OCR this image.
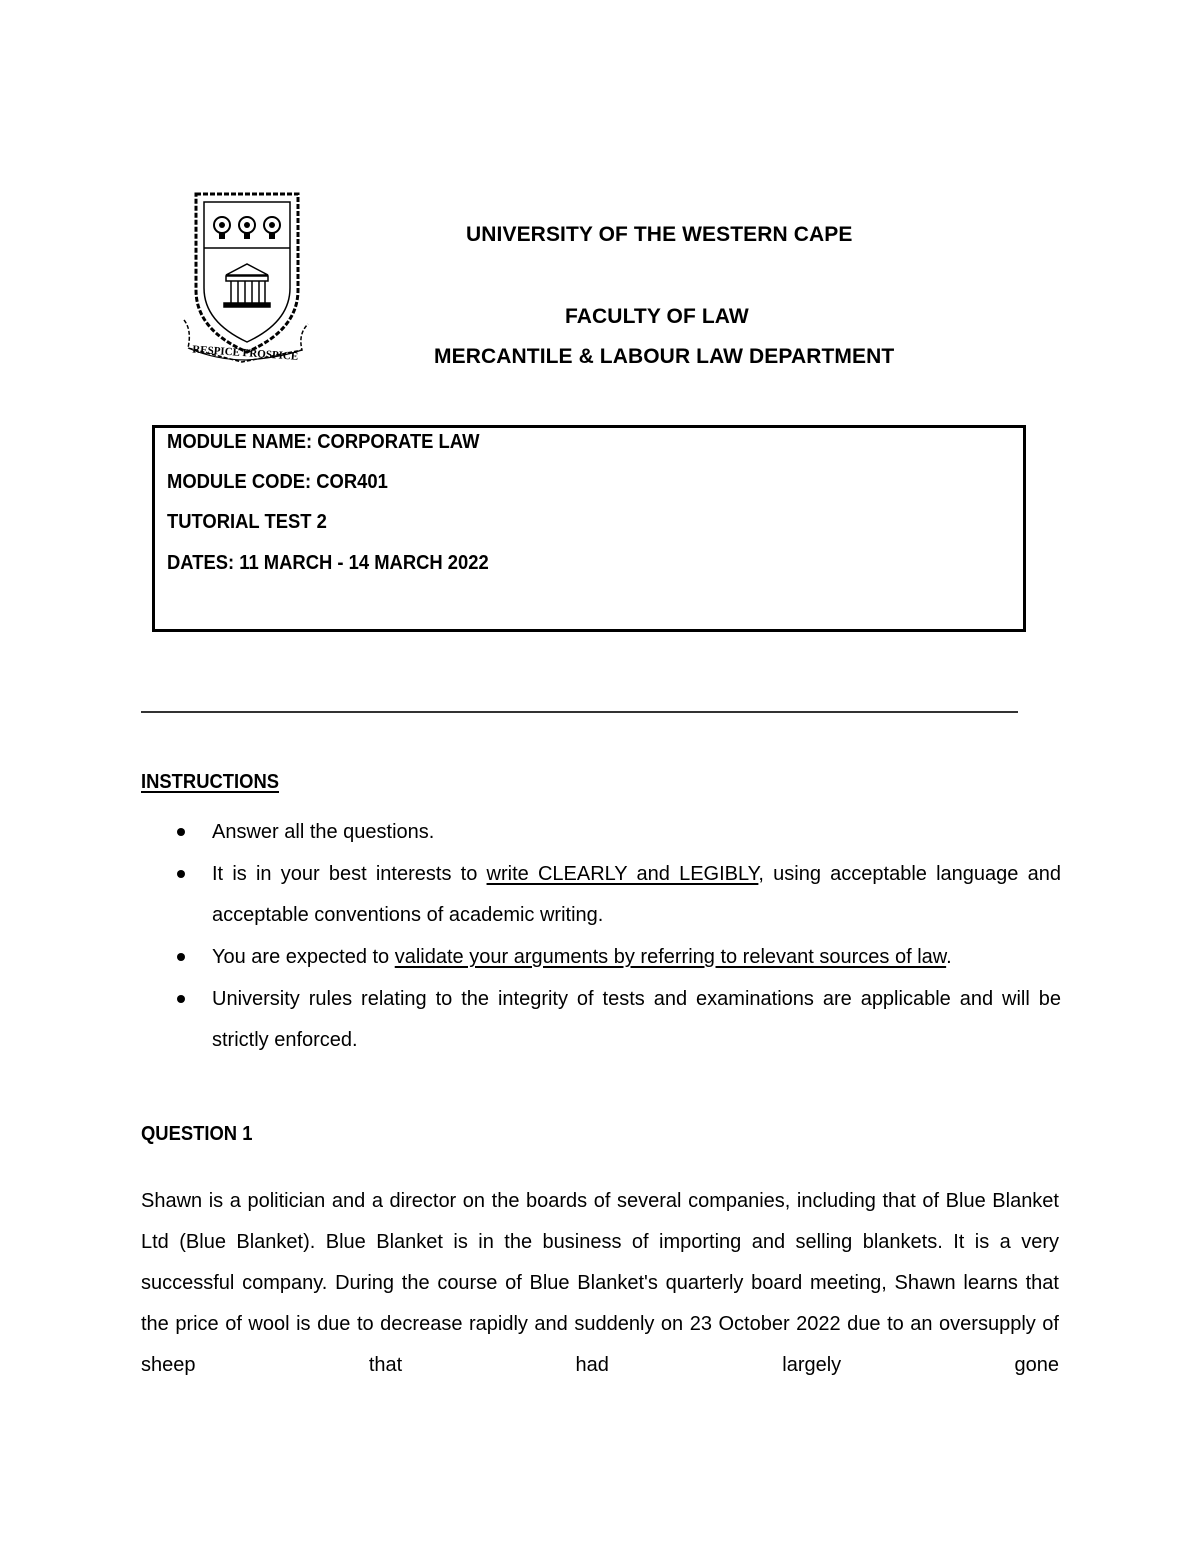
RESPICE PROSPICE
UNIVERSITY OF THE WESTERN CAPE
FACULTY OF LAW
MERCANTILE & LABOUR LAW DEPARTMENT
MODULE NAME: CORPORATE LAW
MODULE CODE: COR401
TUTORIAL TEST 2
DATES: 11 MARCH - 14 MARCH 2022
INSTRUCTIONS
Answer all the questions.
It is in your best interests to write CLEARLY and LEGIBLY, using acceptable language and acceptable conventions of academic writing.
You are expected to validate your arguments by referring to relevant sources of law.
University rules relating to the integrity of tests and examinations are applicable and will be strictly enforced.
QUESTION 1

Shawn is a politician and a director on the boards of several companies, including that of Blue Blanket Ltd (Blue Blanket). Blue Blanket is in the business of importing and selling blankets. It is a very successful company. During the course of Blue Blanket's quarterly board meeting, Shawn learns that the price of wool is due to decrease rapidly and suddenly on 23 October 2022 due to an oversupply of sheep that had largely gone
